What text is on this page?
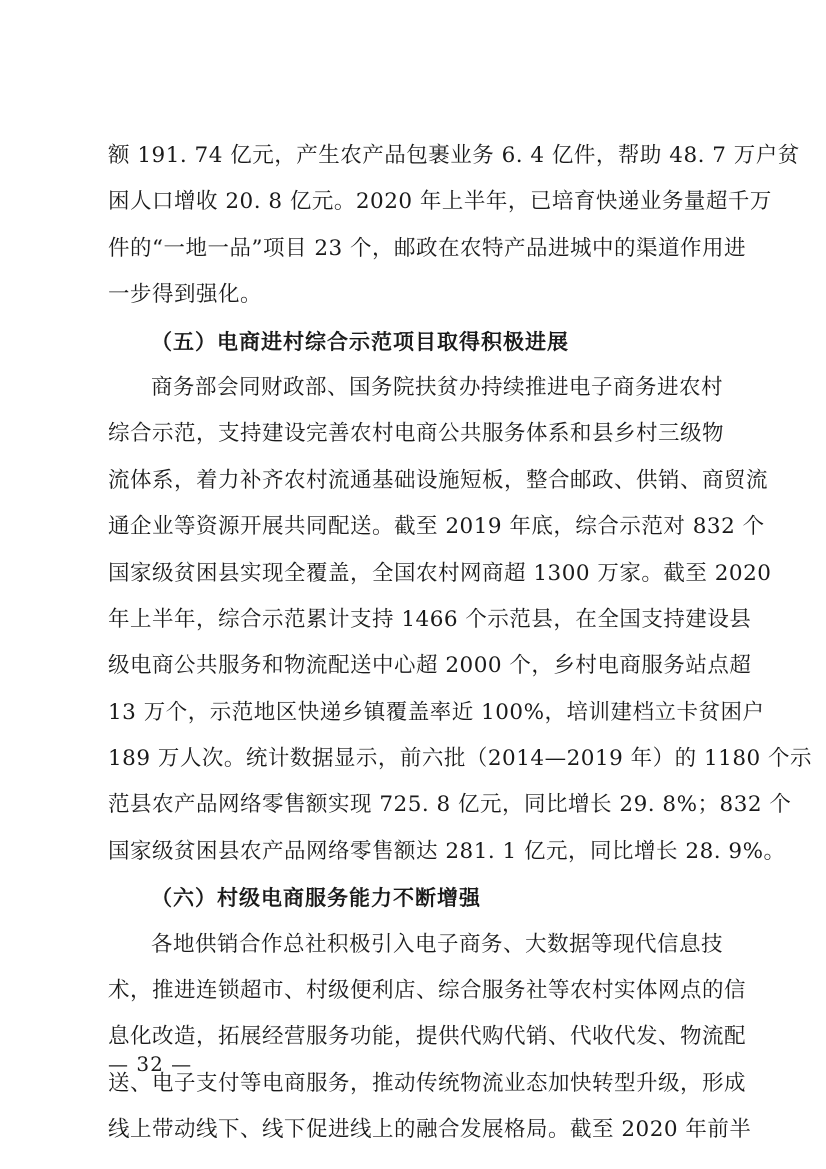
额 191. 74 亿元，产生农产品包裹业务 6. 4 亿件，帮助 48. 7 万户贫
困人口增收 20. 8 亿元。2020 年上半年，已培育快递业务量超千万
件的“一地一品”项目 23 个，邮政在农特产品进城中的渠道作用进
一步得到强化。
（五）电商进村综合示范项目取得积极进展
商务部会同财政部、国务院扶贫办持续推进电子商务进农村
综合示范，支持建设完善农村电商公共服务体系和县乡村三级物
流体系，着力补齐农村流通基础设施短板，整合邮政、供销、商贸流
通企业等资源开展共同配送。截至 2019 年底，综合示范对 832 个
国家级贫困县实现全覆盖，全国农村网商超 1300 万家。截至 2020
年上半年，综合示范累计支持 1466 个示范县，在全国支持建设县
级电商公共服务和物流配送中心超 2000 个，乡村电商服务站点超
13 万个，示范地区快递乡镇覆盖率近 100%，培训建档立卡贫困户
189 万人次。统计数据显示，前六批（2014—2019 年）的 1180 个示
范县农产品网络零售额实现 725. 8 亿元，同比增长 29. 8%；832 个
国家级贫困县农产品网络零售额达 281. 1 亿元，同比增长 28. 9%。
（六）村级电商服务能力不断增强
各地供销合作总社积极引入电子商务、大数据等现代信息技
术，推进连锁超市、村级便利店、综合服务社等农村实体网点的信
息化改造，拓展经营服务功能，提供代购代销、代收代发、物流配
送、电子支付等电商服务，推动传统物流业态加快转型升级，形成
线上带动线下、线下促进线上的融合发展格局。截至 2020 年前半
— 32 —
